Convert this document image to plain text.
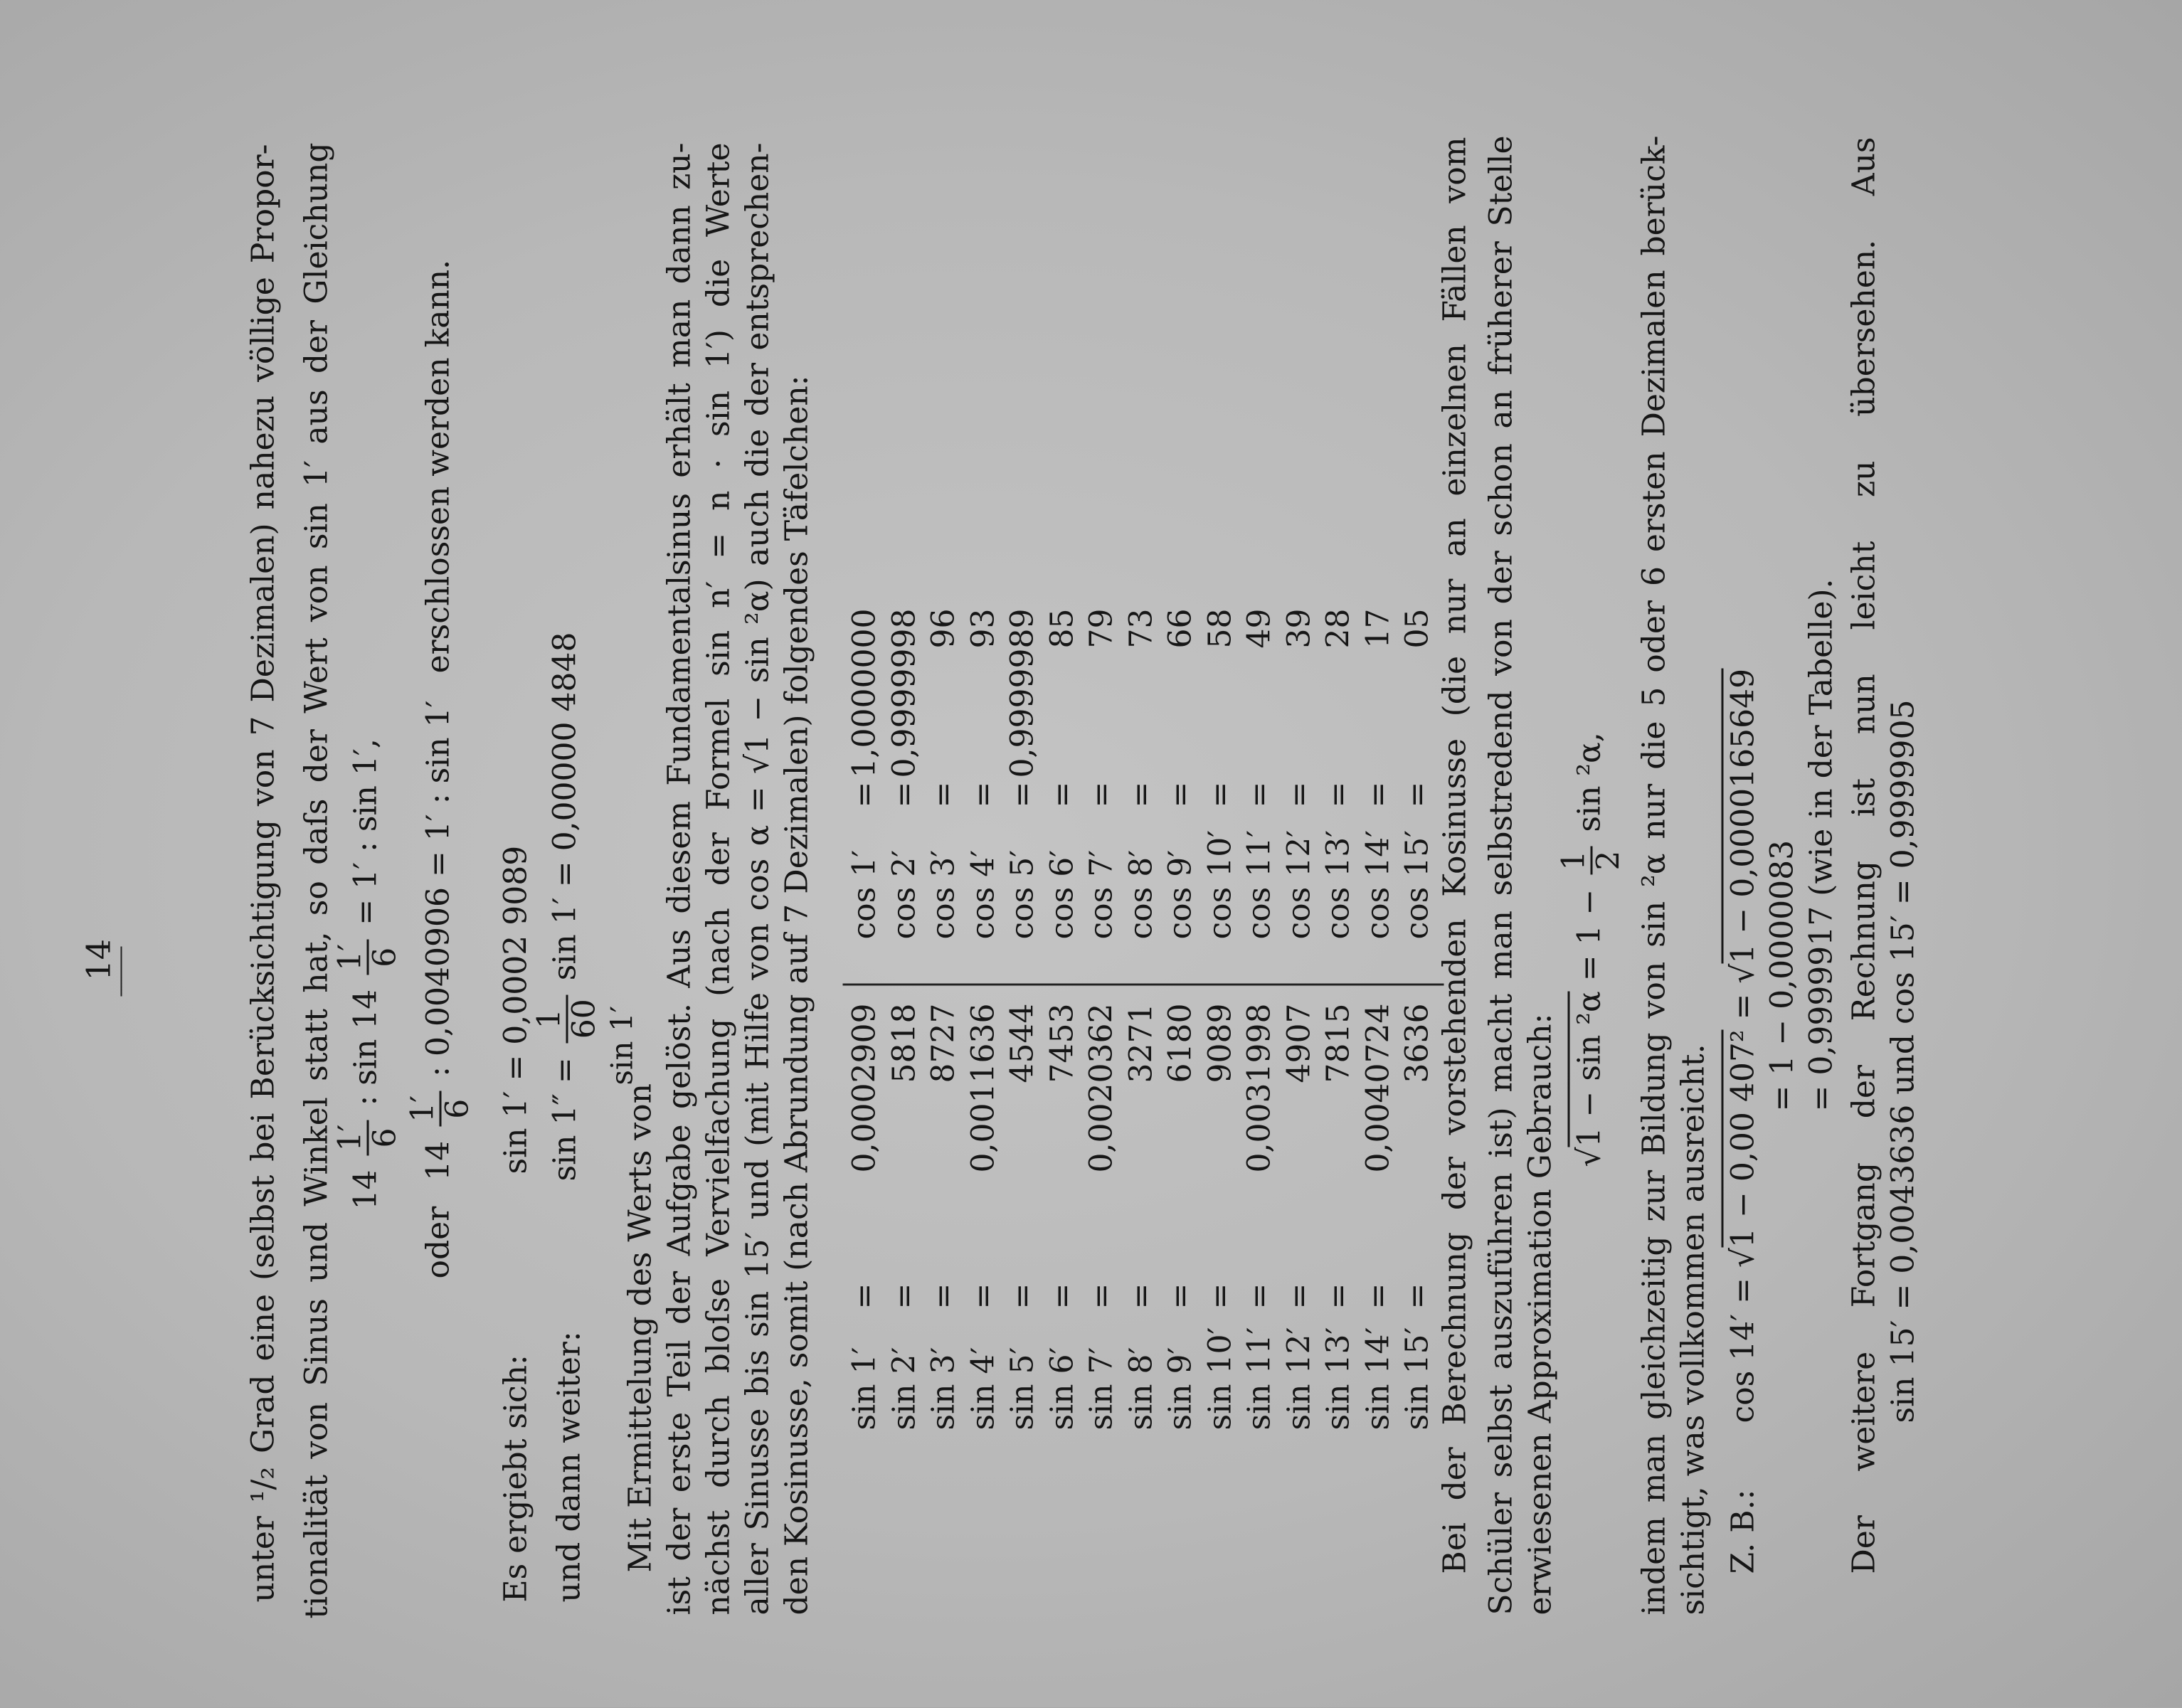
14	unter ¹/₂ Grad eine (selbst bei Berücksichtigung von 7 Dezimalen) nahezu völlige Propor- tionalität von Sinus und Winkel statt hat, so daſs der Wert von sin 1′ aus der Gleichung 14
1′
6
: sin 14
1′
6
= 1′ : sin 1′,
oder 14
1′
6
: 0,0040906 = 1′ : sin 1′ erschlossen werden kann.
Es ergiebt sich:
sin 1′ = 0,0002 9089
und dann weiter:
sin 1″ =
1
60
sin 1′ = 0,00000 4848
Mit Ermittelung des Werts von
sin 1′ ist der erste Teil der Aufgabe gelöst. Aus diesem Fundamentalsinus erhält man dann zu- nächst durch bloſse Vervielfachung (nach der Formel sin n′ = n · sin 1′) die Werte aller Sinusse bis sin 15′ und (mit Hilfe von cos α = √1 − sin ²α) auch die der entsprechen- den Kosinusse, somit (nach Abrundung auf 7 Dezimalen) folgendes Täfelchen: sin 1′
=
0,0002909
cos 1′
=
1,0000000
sin 2′
=
5818
cos 2′
=
0,9999998
sin 3′
=
8727
cos 3′
=
96
sin 4′
=
0,0011636
cos 4′
=
93
sin 5′
=
4544
cos 5′
=
0,9999989
sin 6′
=
7453
cos 6′
=
85
sin 7′
=
0,0020362
cos 7′
=
79
sin 8′
=
3271
cos 8′
=
73
sin 9′
=
6180
cos 9′
=
66
sin 10′
=
9089
cos 10′
=
58
sin 11′
=
0,0031998
cos 11′
=
49
sin 12′
=
4907
cos 12′
=
39
sin 13′
=
7815
cos 13′
=
28
sin 14′
=
0,0040724
cos 14′
=
17
sin 15′
=
3636
cos 15′
=
05 Bei der Berechnung der vorstehenden Kosinusse (die nur an einzelnen Fällen vom Schüler selbst auszuführen ist) macht man selbstredend von der schon an früherer Stelle erwiesenen Approximation Gebrauch: √1 − sin ²α = 1 −
1
2
sin ²α, indem man gleichzeitig zur Bildung von sin ²α nur die 5 oder 6 ersten Dezimalen berück- sichtigt, was vollkommen ausreicht. Z. B.:
cos 14′ = √1 − 0,00 407² = √1 − 0,0000165649
= 1 − 0,0000083 = 0,9999917 (wie in der Tabelle). Der weitere Fortgang der Rechnung ist nun leicht zu übersehen. Aus sin 15′ = 0,0043636 und cos 15′ = 0,9999905
